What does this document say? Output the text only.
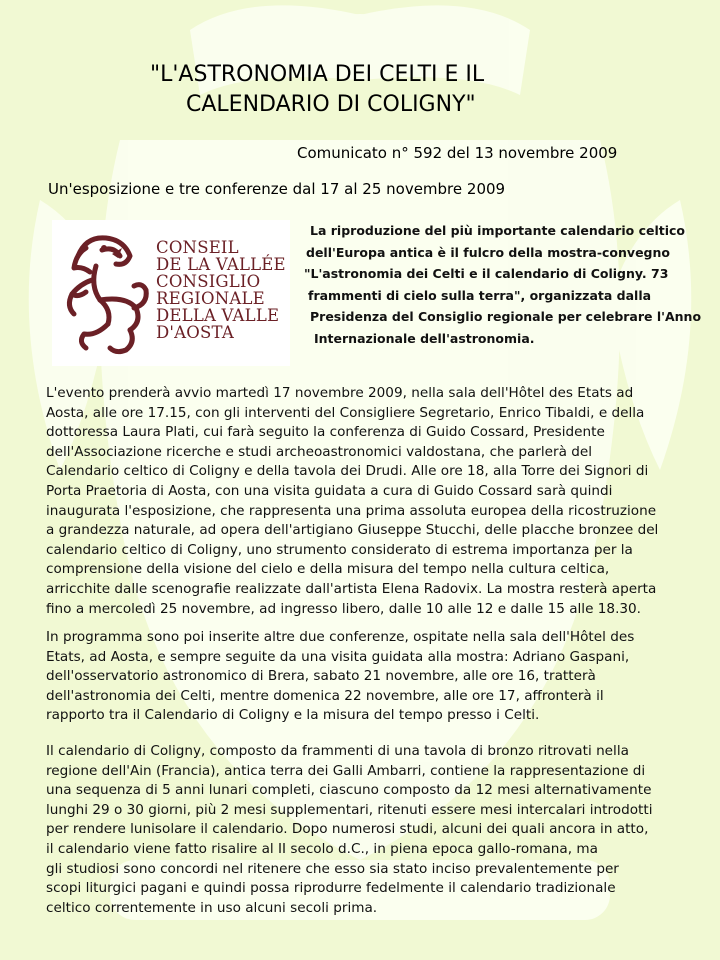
"L'ASTRONOMIA DEI CELTI E IL
CALENDARIO DI COLIGNY"
Comunicato n° 592 del 13 novembre 2009
Un'esposizione e tre conferenze dal 17 al 25 novembre 2009
CONSEIL
DE LA VALLÉE
CONSIGLIO
REGIONALE
DELLA VALLE
D'AOSTA
La riproduzione del più importante calendario celtico
dell'Europa antica è il fulcro della mostra-convegno
"L'astronomia dei Celti e il calendario di Coligny. 73
frammenti di cielo sulla terra", organizzata dalla
Presidenza del Consiglio regionale per celebrare l'Anno
Internazionale dell'astronomia.
L'evento prenderà avvio martedì 17 novembre 2009, nella sala dell'Hôtel des Etats ad
Aosta, alle ore 17.15, con gli interventi del Consigliere Segretario, Enrico Tibaldi, e della
dottoressa Laura Plati, cui farà seguito la conferenza di Guido Cossard, Presidente
dell'Associazione ricerche e studi archeoastronomici valdostana, che parlerà del
Calendario celtico di Coligny e della tavola dei Drudi. Alle ore 18, alla Torre dei Signori di
Porta Praetoria di Aosta, con una visita guidata a cura di Guido Cossard sarà quindi
inaugurata l'esposizione, che rappresenta una prima assoluta europea della ricostruzione
a grandezza naturale, ad opera dell'artigiano Giuseppe Stucchi, delle placche bronzee del
calendario celtico di Coligny, uno strumento considerato di estrema importanza per la
comprensione della visione del cielo e della misura del tempo nella cultura celtica,
arricchite dalle scenografie realizzate dall'artista Elena Radovix. La mostra resterà aperta
fino a mercoledì 25 novembre, ad ingresso libero, dalle 10 alle 12 e dalle 15 alle 18.30.
In programma sono poi inserite altre due conferenze, ospitate nella sala dell'Hôtel des
Etats, ad Aosta, e sempre seguite da una visita guidata alla mostra: Adriano Gaspani,
dell'osservatorio astronomico di Brera, sabato 21 novembre, alle ore 16, tratterà
dell'astronomia dei Celti, mentre domenica 22 novembre, alle ore 17, affronterà il
rapporto tra il Calendario di Coligny e la misura del tempo presso i Celti.
Il calendario di Coligny, composto da frammenti di una tavola di bronzo ritrovati nella
regione dell'Ain (Francia), antica terra dei Galli Ambarri, contiene la rappresentazione di
una sequenza di 5 anni lunari completi, ciascuno composto da 12 mesi alternativamente
lunghi 29 o 30 giorni, più 2 mesi supplementari, ritenuti essere mesi intercalari introdotti
per rendere lunisolare il calendario. Dopo numerosi studi, alcuni dei quali ancora in atto,
il calendario viene fatto risalire al II secolo d.C., in piena epoca gallo-romana, ma
gli studiosi sono concordi nel ritenere che esso sia stato inciso prevalentemente per
scopi liturgici pagani e quindi possa riprodurre fedelmente il calendario tradizionale
celtico correntemente in uso alcuni secoli prima.
